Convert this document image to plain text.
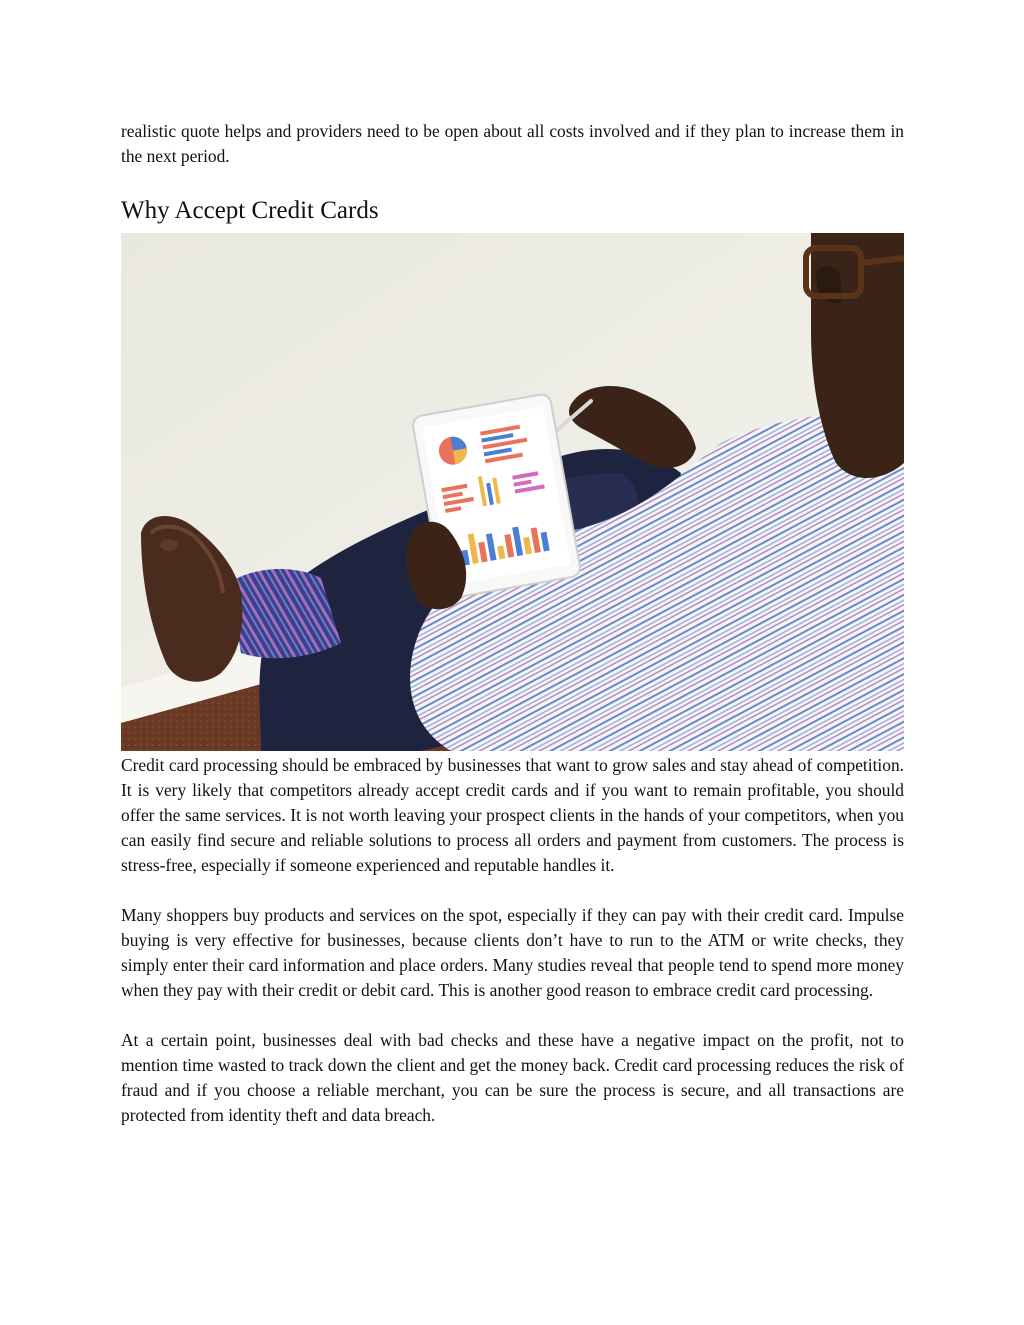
realistic quote helps and providers need to be open about all costs involved and if they plan to increase them in the next period.

Why Accept Credit Cards

Credit card processing should be embraced by businesses that want to grow sales and stay ahead of competition. It is very likely that competitors already accept credit cards and if you want to remain profitable, you should offer the same services. It is not worth leaving your prospect clients in the hands of your competitors, when you can easily find secure and reliable solutions to process all orders and payment from customers. The process is stress-free, especially if someone experienced and reputable handles it.

Many shoppers buy products and services on the spot, especially if they can pay with their credit card. Impulse buying is very effective for businesses, because clients don’t have to run to the ATM or write checks, they simply enter their card information and place orders. Many studies reveal that people tend to spend more money when they pay with their credit or debit card. This is another good reason to embrace credit card processing.

At a certain point, businesses deal with bad checks and these have a negative impact on the profit, not to mention time wasted to track down the client and get the money back. Credit card processing reduces the risk of fraud and if you choose a reliable merchant, you can be sure the process is secure, and all transactions are protected from identity theft and data breach.
